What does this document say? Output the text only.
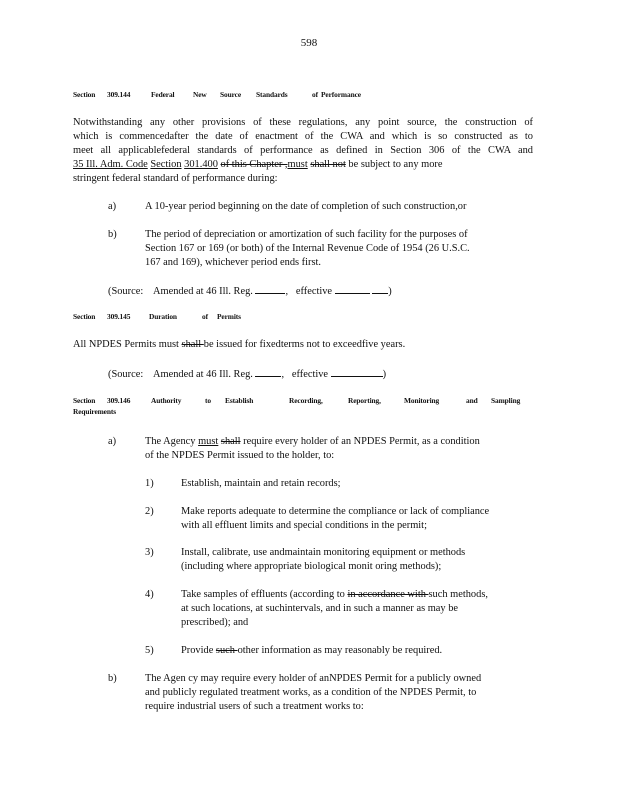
598
Section 309.144	Federal New Source Standards	of Performance
Notwithstanding any other provisions of these regulations, any point source, the construction of
which is commencedafter the date of enactment of the CWA and which is so constructed as to
meet all applicablefederal standards of performance as defined in Section 306 of the CWA and
35 Ill. Adm. Code Section 301.400 of this Chapter ,must shall not be subject to any more
stringent federal standard of performance during:
a)	A 10-year period beginning on the date of completion of such construction,or
b)	The period of depreciation or amortization of such facility for the purposes of
Section 167 or 169 (or both) of the Internal Revenue Code of 1954 (26 U.S.C.
167 and 169), whichever period ends first.
(Source: Amended at 46 Ill. Reg.	, effective	)
Section 309.145	Duration	of Permits
All NPDES Permits must shall be issued for fixedterms not to exceedfive years.
(Source: Amended at 46 Ill. Reg.	, effective	)
Section 309.146	Authority	to Establish	Recording,	Reporting,	Monitoring	and Sampling
Requirements
a)	The Agency must shall require every holder of an NPDES Permit, as a condition
of the NPDES Permit issued to the holder, to:
1)	Establish, maintain and retain records;
2)	Make reports adequate to determine the compliance or lack of compliance
with all effluent limits and special conditions in the permit;
3)	Install, calibrate, use andmaintain monitoring equipment or methods
(including where appropriate biological monit oring methods);
4)	Take samples of effluents (according to in accordance with such methods,
at such locations, at suchintervals, and in such a manner as may be
prescribed); and
5)	Provide such other information as may reasonably be required.
b)	The Agen cy may require every holder of anNPDES Permit for a publicly owned
and publicly regulated treatment works, as a condition of the NPDES Permit, to
require industrial users of such a treatment works to:
